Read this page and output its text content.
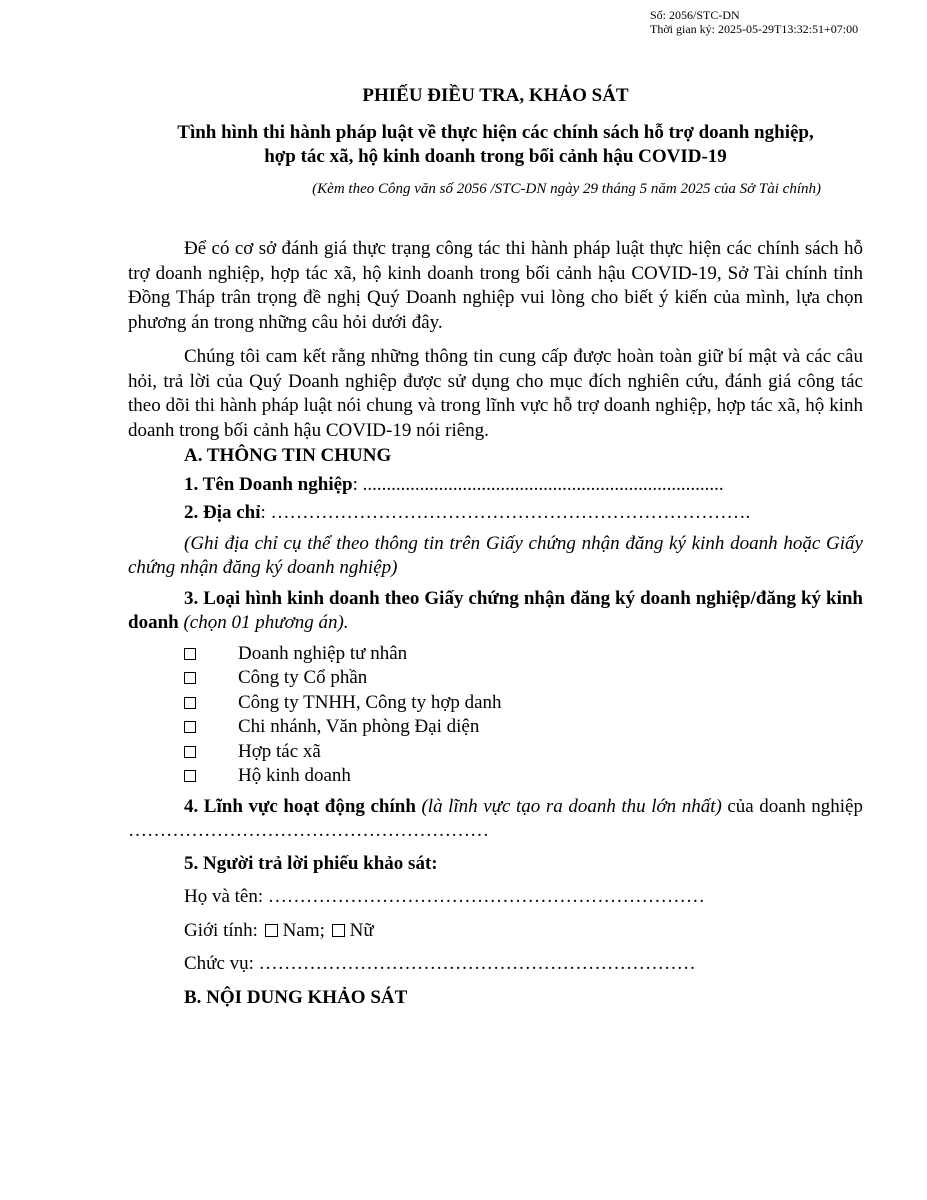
Số: 2056/STC-DN
Thời gian ký: 2025-05-29T13:32:51+07:00
PHIẾU ĐIỀU TRA, KHẢO SÁT
Tình hình thi hành pháp luật về thực hiện các chính sách hỗ trợ doanh nghiệp,
hợp tác xã, hộ kinh doanh trong bối cảnh hậu COVID-19
(Kèm theo Công văn số 2056 /STC-DN ngày 29 tháng 5 năm 2025 của Sở Tài chính)

Để có cơ sở đánh giá thực trạng công tác thi hành pháp luật thực hiện các chính sách hỗ trợ doanh nghiệp, hợp tác xã, hộ kinh doanh trong bối cảnh hậu COVID-19, Sở Tài chính tỉnh Đồng Tháp trân trọng đề nghị Quý Doanh nghiệp vui lòng cho biết ý kiến của mình, lựa chọn phương án trong những câu hỏi dưới đây.

Chúng tôi cam kết rằng những thông tin cung cấp được hoàn toàn giữ bí mật và các câu hỏi, trả lời của Quý Doanh nghiệp được sử dụng cho mục đích nghiên cứu, đánh giá công tác theo dõi thi hành pháp luật nói chung và trong lĩnh vực hỗ trợ doanh nghiệp, hợp tác xã, hộ kinh doanh trong bối cảnh hậu COVID-19 nói riêng.

A. THÔNG TIN CHUNG
1. Tên Doanh nghiệp: ............................................................................
2. Địa chỉ: ………………………………………………………………….

(Ghi địa chỉ cụ thể theo thông tin trên Giấy chứng nhận đăng ký kinh doanh hoặc Giấy chứng nhận đăng ký doanh nghiệp)

3. Loại hình kinh doanh theo Giấy chứng nhận đăng ký doanh nghiệp/đăng ký kinh doanh (chọn 01 phương án).

Doanh nghiệp tư nhân
Công ty Cổ phần
Công ty TNHH, Công ty hợp danh
Chi nhánh, Văn phòng Đại diện
Hợp tác xã
Hộ kinh doanh

4. Lĩnh vực hoạt động chính (là lĩnh vực tạo ra doanh thu lớn nhất) của doanh nghiệp …………………………………………………

5. Người trả lời phiếu khảo sát:
Họ và tên: ……………………………………………………………
Giới tính: Nam; Nữ
Chức vụ: ……………………………………………………………
B. NỘI DUNG KHẢO SÁT
